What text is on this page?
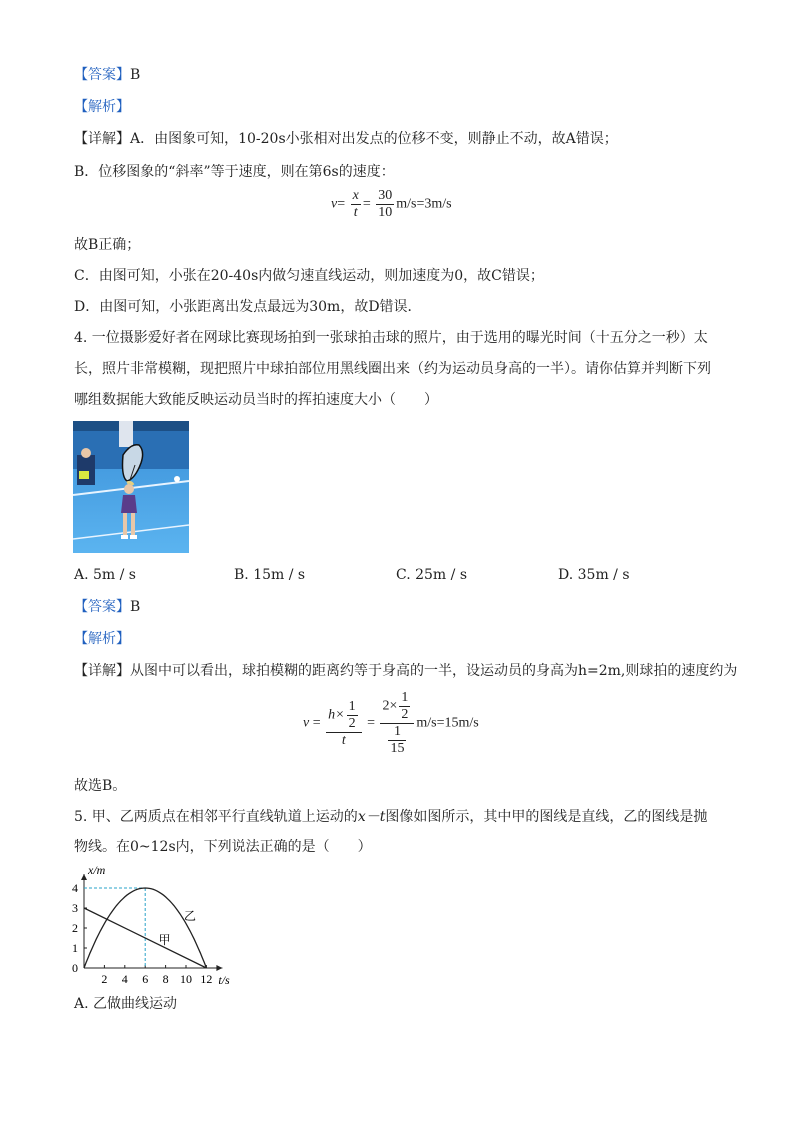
【答案】B
【解析】
【详解】A．由图象可知，10-20s小张相对出发点的位移不变，则静止不动，故A错误；
B．位移图象的“斜率”等于速度，则在第6s的速度：
$v= \frac{x}{t} = \frac{30}{10} m/s=3m/s$
故B正确；
C．由图可知，小张在20-40s内做匀速直线运动，则加速度为0，故C错误；
D．由图可知，小张距离出发点最远为30m，故D错误．
4. 一位摄影爱好者在网球比赛现场拍到一张球拍击球的照片，由于选用的曝光时间（十五分之一秒）太
长，照片非常模糊，现把照片中球拍部位用黑线圈出来（约为运动员身高的一半）。请你估算并判断下列
哪组数据能大致能反映运动员当时的挥拍速度大小（　　）
A. 5m / s	B. 15m / s	C. 25m / s	D. 35m / s
【答案】B
【解析】
【详解】从图中可以看出，球拍模糊的距离约等于身高的一半，设运动员的身高为h=2m,则球拍的速度约为
$v = \frac{h\times \frac{1}{2}}{t} = \frac{2\times \frac{1}{2}}{\frac{1}{15}} m/s=15m/s$
故选B。
5. 甲、乙两质点在相邻平行直线轨道上运动的x－t图像如图所示，其中甲的图线是直线，乙的图线是抛
物线。在0~12s内，下列说法正确的是（　　）
x/m
t/s
0
1
2
3
4
2 4 6 8 10 12
甲
乙
A. 乙做曲线运动
